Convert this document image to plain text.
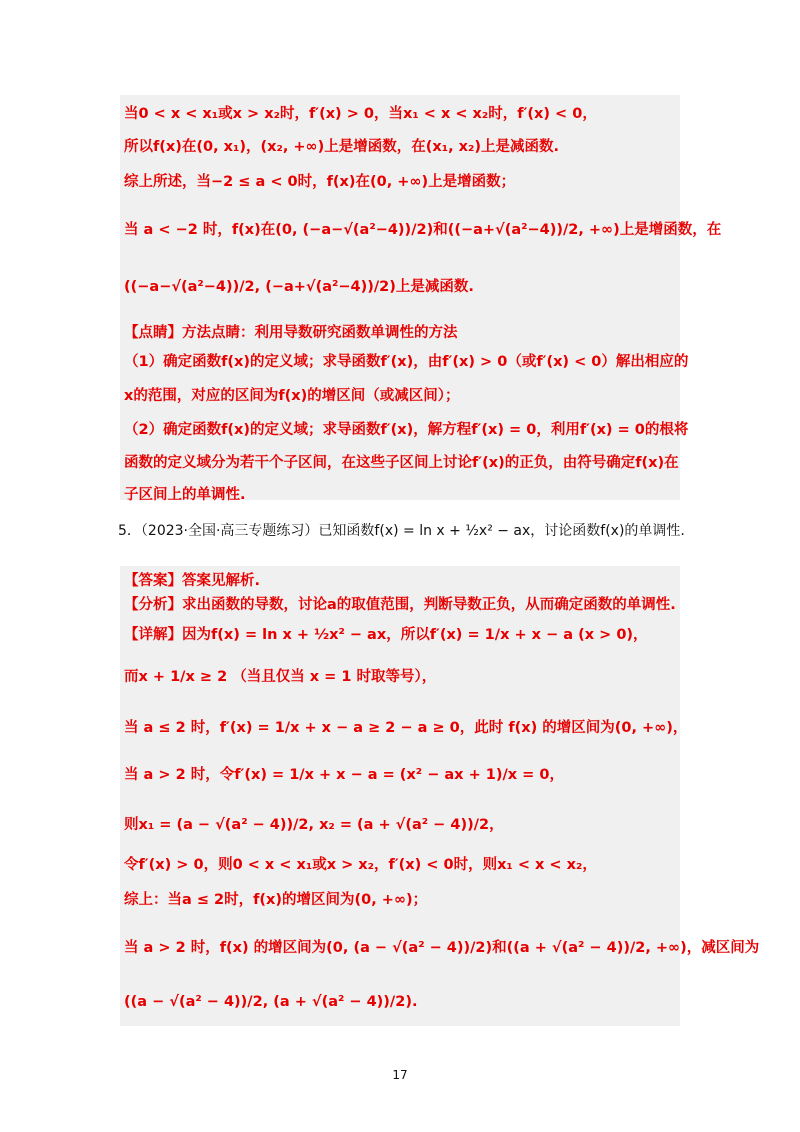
当0 < x < x₁或x > x₂时，f′(x) > 0，当x₁ < x < x₂时，f′(x) < 0，
所以f(x)在(0, x₁)，(x₂, +∞)上是增函数，在(x₁, x₂)上是减函数.
综上所述，当−2 ≤ a < 0时，f(x)在(0, +∞)上是增函数；
当 a < −2 时，f(x)在(0, (−a−√(a²−4))/2)和((−a+√(a²−4))/2, +∞)上是增函数，在
((−a−√(a²−4))/2, (−a+√(a²−4))/2)上是减函数.
【点睛】方法点睛：利用导数研究函数单调性的方法
（1）确定函数f(x)的定义域；求导函数f′(x)，由f′(x) > 0（或f′(x) < 0）解出相应的
x的范围，对应的区间为f(x)的增区间（或减区间）；
（2）确定函数f(x)的定义域；求导函数f′(x)，解方程f′(x) = 0，利用f′(x) = 0的根将
函数的定义域分为若干个子区间，在这些子区间上讨论f′(x)的正负，由符号确定f(x)在
子区间上的单调性.
5．（2023·全国·高三专题练习）已知函数f(x) = ln x + ½x² − ax，讨论函数f(x)的单调性.
【答案】答案见解析.
【分析】求出函数的导数，讨论a的取值范围，判断导数正负，从而确定函数的单调性.
【详解】因为f(x) = ln x + ½x² − ax，所以f′(x) = 1/x + x − a (x > 0)，
而x + 1/x ≥ 2 （当且仅当 x = 1 时取等号），
当 a ≤ 2 时，f′(x) = 1/x + x − a ≥ 2 − a ≥ 0，此时 f(x) 的增区间为(0, +∞)，
当 a > 2 时，令f′(x) = 1/x + x − a = (x² − ax + 1)/x = 0，
则x₁ = (a − √(a² − 4))/2, x₂ = (a + √(a² − 4))/2，
令f′(x) > 0，则0 < x < x₁或x > x₂，f′(x) < 0时，则x₁ < x < x₂，
综上：当a ≤ 2时，f(x)的增区间为(0, +∞)；
当 a > 2 时，f(x) 的增区间为(0, (a − √(a² − 4))/2)和((a + √(a² − 4))/2, +∞)，减区间为
((a − √(a² − 4))/2, (a + √(a² − 4))/2).
17
